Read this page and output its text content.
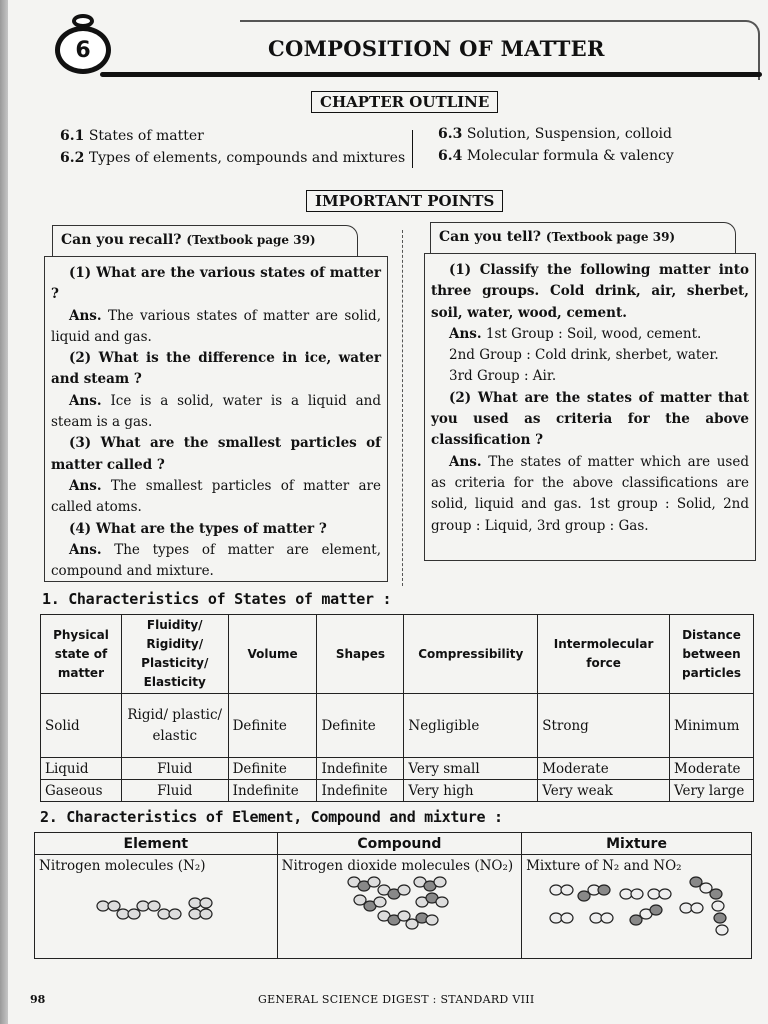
6	COMPOSITION OF MATTER
CHAPTER OUTLINE
6.1 States of matter
6.2 Types of elements, compounds and mixtures
6.3 Solution, Suspension, colloid
6.4 Molecular formula & valency
IMPORTANT POINTS
Can you recall? (Textbook page 39)

(1) What are the various states of matter ?

Ans. The various states of matter are solid, liquid and gas.

(2) What is the difference in ice, water and steam ?

Ans. Ice is a solid, water is a liquid and steam is a gas.

(3) What are the smallest particles of matter called ?

Ans. The smallest particles of matter are called atoms.

(4) What are the types of matter ?

Ans. The types of matter are element, compound and mixture.

Can you tell? (Textbook page 39)

(1) Classify the following matter into three groups. Cold drink, air, sherbet, soil, water, wood, cement.

Ans. 1st Group : Soil, wood, cement.

2nd Group : Cold drink, sherbet, water.

3rd Group : Air.

(2) What are the states of matter that you used as criteria for the above classification ?

Ans. The states of matter which are used as criteria for the above classifications are solid, liquid and gas. 1st group : Solid, 2nd group : Liquid, 3rd group : Gas.

1. Characteristics of States of matter :
Physical state of matter	Fluidity/ Rigidity/ Plasticity/ Elasticity	Volume	Shapes	Compressibility	Intermolecular force	Distance between particles
Solid	Rigid/ plastic/ elastic	Definite	Definite	Negligible	Strong	Minimum
Liquid	Fluid	Definite	Indefinite	Very small	Moderate	Moderate
Gaseous	Fluid	Indefinite	Indefinite	Very high	Very weak	Very large
2. Characteristics of Element, Compound and mixture :
Element	Compound	Mixture

Nitrogen molecules (N₂)	Nitrogen dioxide molecules (NO₂)	Mixture of N₂ and NO₂
98	GENERAL SCIENCE DIGEST : STANDARD VIII
